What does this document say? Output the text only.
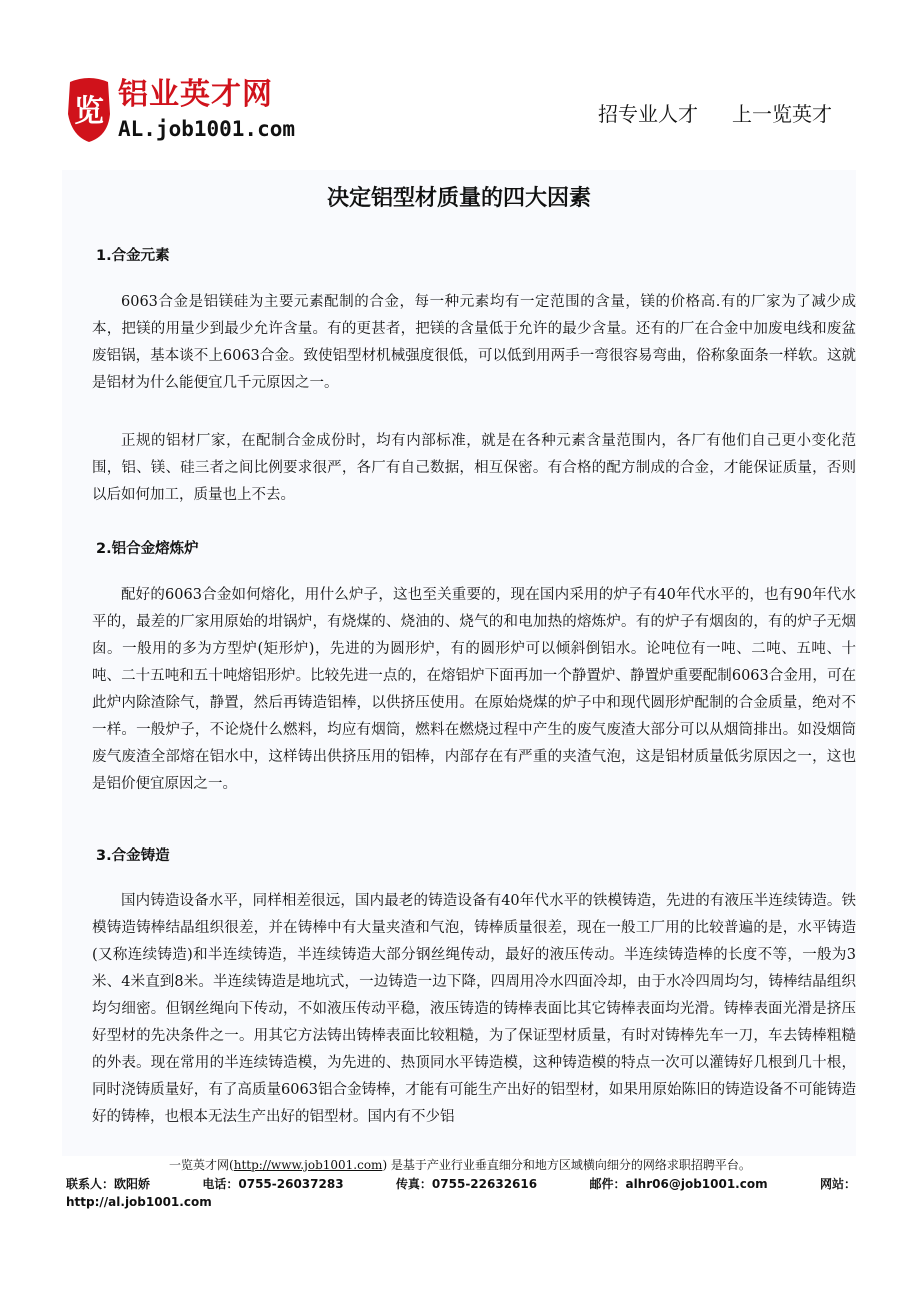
览 铝业英才网
AL.job1001.com
招专业人才 上一览英才
决定铝型材质量的四大因素
1.合金元素

6063合金是铝镁硅为主要元素配制的合金，每一种元素均有一定范围的含量，镁的价格高.有的厂家为了减少成本，把镁的用量少到最少允许含量。有的更甚者，把镁的含量低于允许的最少含量。还有的厂在合金中加废电线和废盆废铝锅，基本谈不上6063合金。致使铝型材机械强度很低，可以低到用两手一弯很容易弯曲，俗称象面条一样软。这就是铝材为什么能便宜几千元原因之一。

正规的铝材厂家，在配制合金成份时，均有内部标准，就是在各种元素含量范围内，各厂有他们自己更小变化范围，铝、镁、硅三者之间比例要求很严，各厂有自己数据，相互保密。有合格的配方制成的合金，才能保证质量，否则以后如何加工，质量也上不去。

2.铝合金熔炼炉

配好的6063合金如何熔化，用什么炉子，这也至关重要的，现在国内采用的炉子有40年代水平的，也有90年代水平的，最差的厂家用原始的坩锅炉，有烧煤的、烧油的、烧气的和电加热的熔炼炉。有的炉子有烟囱的，有的炉子无烟囱。一般用的多为方型炉(矩形炉)，先进的为圆形炉，有的圆形炉可以倾斜倒铝水。论吨位有一吨、二吨、五吨、十吨、二十五吨和五十吨熔铝形炉。比较先进一点的，在熔铝炉下面再加一个静置炉、静置炉重要配制6063合金用，可在此炉内除渣除气，静置，然后再铸造铝棒，以供挤压使用。在原始烧煤的炉子中和现代圆形炉配制的合金质量，绝对不一样。一般炉子，不论烧什么燃料，均应有烟筒，燃料在燃烧过程中产生的废气废渣大部分可以从烟筒排出。如没烟筒废气废渣全部熔在铝水中，这样铸出供挤压用的铝棒，内部存在有严重的夹渣气泡，这是铝材质量低劣原因之一，这也是铝价便宜原因之一。

3.合金铸造

国内铸造设备水平，同样相差很远，国内最老的铸造设备有40年代水平的铁模铸造，先进的有液压半连续铸造。铁模铸造铸棒结晶组织很差，并在铸棒中有大量夹渣和气泡，铸棒质量很差，现在一般工厂用的比较普遍的是，水平铸造(又称连续铸造)和半连续铸造，半连续铸造大部分钢丝绳传动，最好的液压传动。半连续铸造棒的长度不等，一般为3米、4米直到8米。半连续铸造是地坑式，一边铸造一边下降，四周用冷水四面冷却，由于水冷四周均匀，铸棒结晶组织均匀细密。但钢丝绳向下传动，不如液压传动平稳，液压铸造的铸棒表面比其它铸棒表面均光滑。铸棒表面光滑是挤压好型材的先决条件之一。用其它方法铸出铸棒表面比较粗糙，为了保证型材质量，有时对铸棒先车一刀，车去铸棒粗糙的外表。现在常用的半连续铸造模，为先进的、热顶同水平铸造模，这种铸造模的特点一次可以灌铸好几根到几十根，同时浇铸质量好，有了高质量6063铝合金铸棒，才能有可能生产出好的铝型材，如果用原始陈旧的铸造设备不可能铸造好的铸棒，也根本无法生产出好的铝型材。国内有不少铝

一览英才网(http://www.job1001.com) 是基于产业行业垂直细分和地方区域横向细分的网络求职招聘平台。
联系人：欧阳娇	电话：0755-26037283	传真：0755-22632616	邮件：alhr06@job1001.com	网站：
http://al.job1001.com
